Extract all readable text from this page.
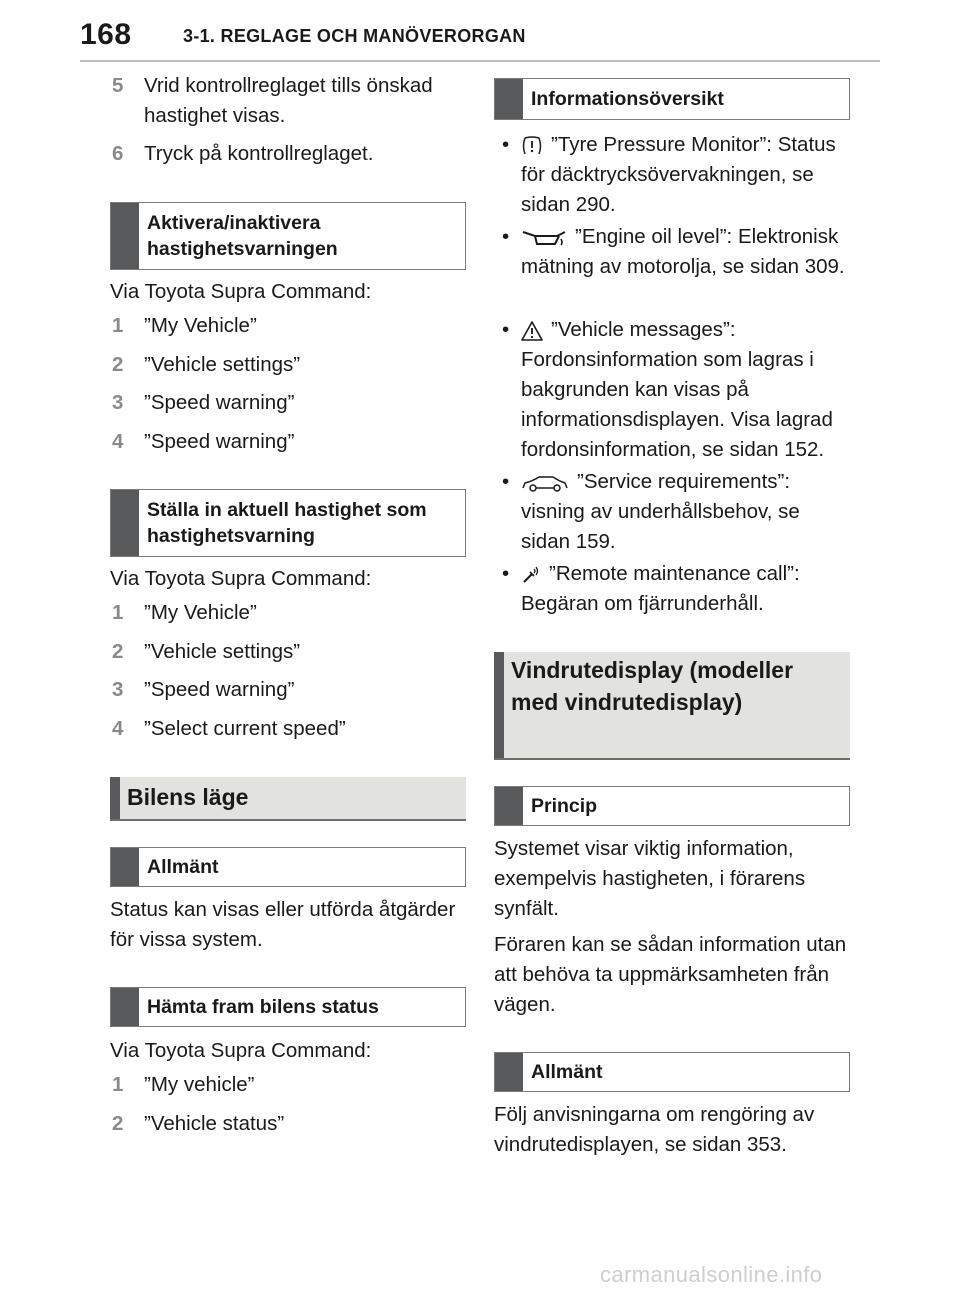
168	3-1. REGLAGE OCH MANÖVERORGAN
5 Vrid kontrollreglaget tills önskad hastighet visas.
6 Tryck på kontrollreglaget.
Aktivera/inaktivera hastighetsvarningen
Via Toyota Supra Command:
1 ”My Vehicle”
2 ”Vehicle settings”
3 ”Speed warning”
4 ”Speed warning”
Ställa in aktuell hastighet som hastighetsvarning
Via Toyota Supra Command:
1 ”My Vehicle”
2 ”Vehicle settings”
3 ”Speed warning”
4 ”Select current speed”
Bilens läge
Allmänt
Status kan visas eller utförda åtgärder för vissa system.
Hämta fram bilens status
Via Toyota Supra Command:
1 ”My vehicle”
2 ”Vehicle status”
Informationsöversikt
•	”Tyre Pressure Monitor”: Status för däcktrycksövervakningen, se sidan 290.
•	”Engine oil level”: Elektronisk mätning av motorolja, se sidan 309.
•	”Vehicle messages”: Fordonsinformation som lagras i bakgrunden kan visas på informationsdisplayen. Visa lagrad fordonsinformation, se sidan 152.
•	”Service requirements”: visning av underhållsbehov, se sidan 159.
•	”Remote maintenance call”: Begäran om fjärrunderhåll.
Vindrutedisplay (modeller med vindrutedisplay)
Princip
Systemet visar viktig information, exempelvis hastigheten, i förarens synfält.
Föraren kan se sådan information utan att behöva ta uppmärksamheten från vägen.
Allmänt
Följ anvisningarna om rengöring av vindrutedisplayen, se sidan 353.
carmanualsonline.info
